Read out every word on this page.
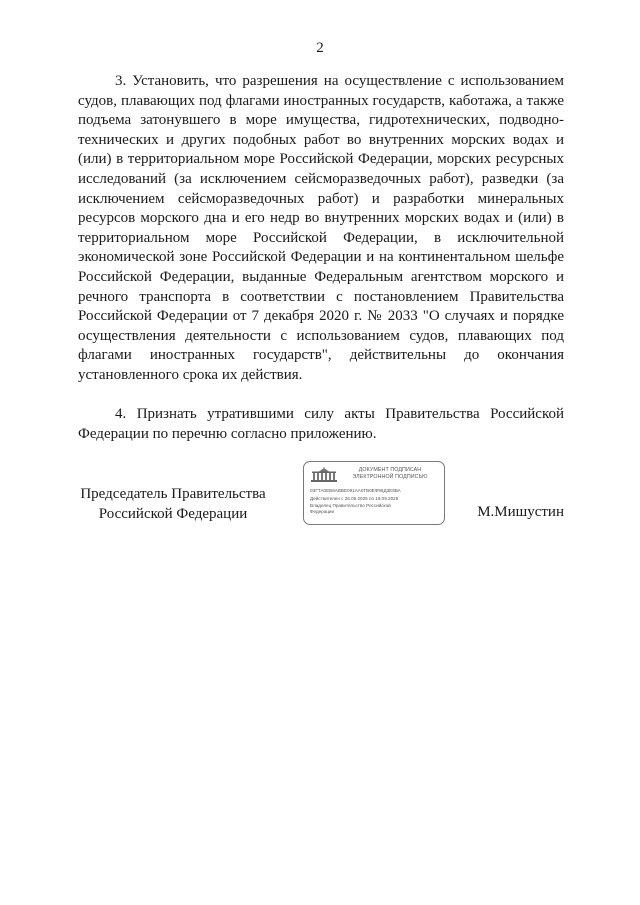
2

3. Установить, что разрешения на осуществление с использованием судов, плавающих под флагами иностранных государств, каботажа, а также подъема затонувшего в море имущества, гидротехнических, подводно-технических и других подобных работ во внутренних морских водах и (или) в территориальном море Российской Федерации, морских ресурсных исследований (за исключением сейсморазведочных работ), разведки (за исключением сейсморазведочных работ) и разработки минеральных ресурсов морского дна и его недр во внутренних морских водах и (или) в территориальном море Российской Федерации, в исключительной экономической зоне Российской Федерации и на континентальном шельфе Российской Федерации, выданные Федеральным агентством морского и речного транспорта в соответствии с постановлением Правительства Российской Федерации от 7 декабря 2020 г. № 2033 "О случаях и порядке осуществления деятельности с использованием судов, плавающих под флагами иностранных государств", действительны до окончания установленного срока их действия.

4. Признать утратившими силу акты Правительства Российской Федерации по перечню согласно приложению.

Председатель Правительства
Российской Федерации
ДОКУМЕНТ ПОДПИСАН
ЭЛЕКТРОННОЙ ПОДПИСЬЮ
0ЗГТА0ЕВ6АВВЕ091АА0ТВ0ЕФ96Д3Е8ВА
Действителен с 26.06.2025 по 19.09.2026
Владелец Правительство Российской
Федерации	М.Мишустин
